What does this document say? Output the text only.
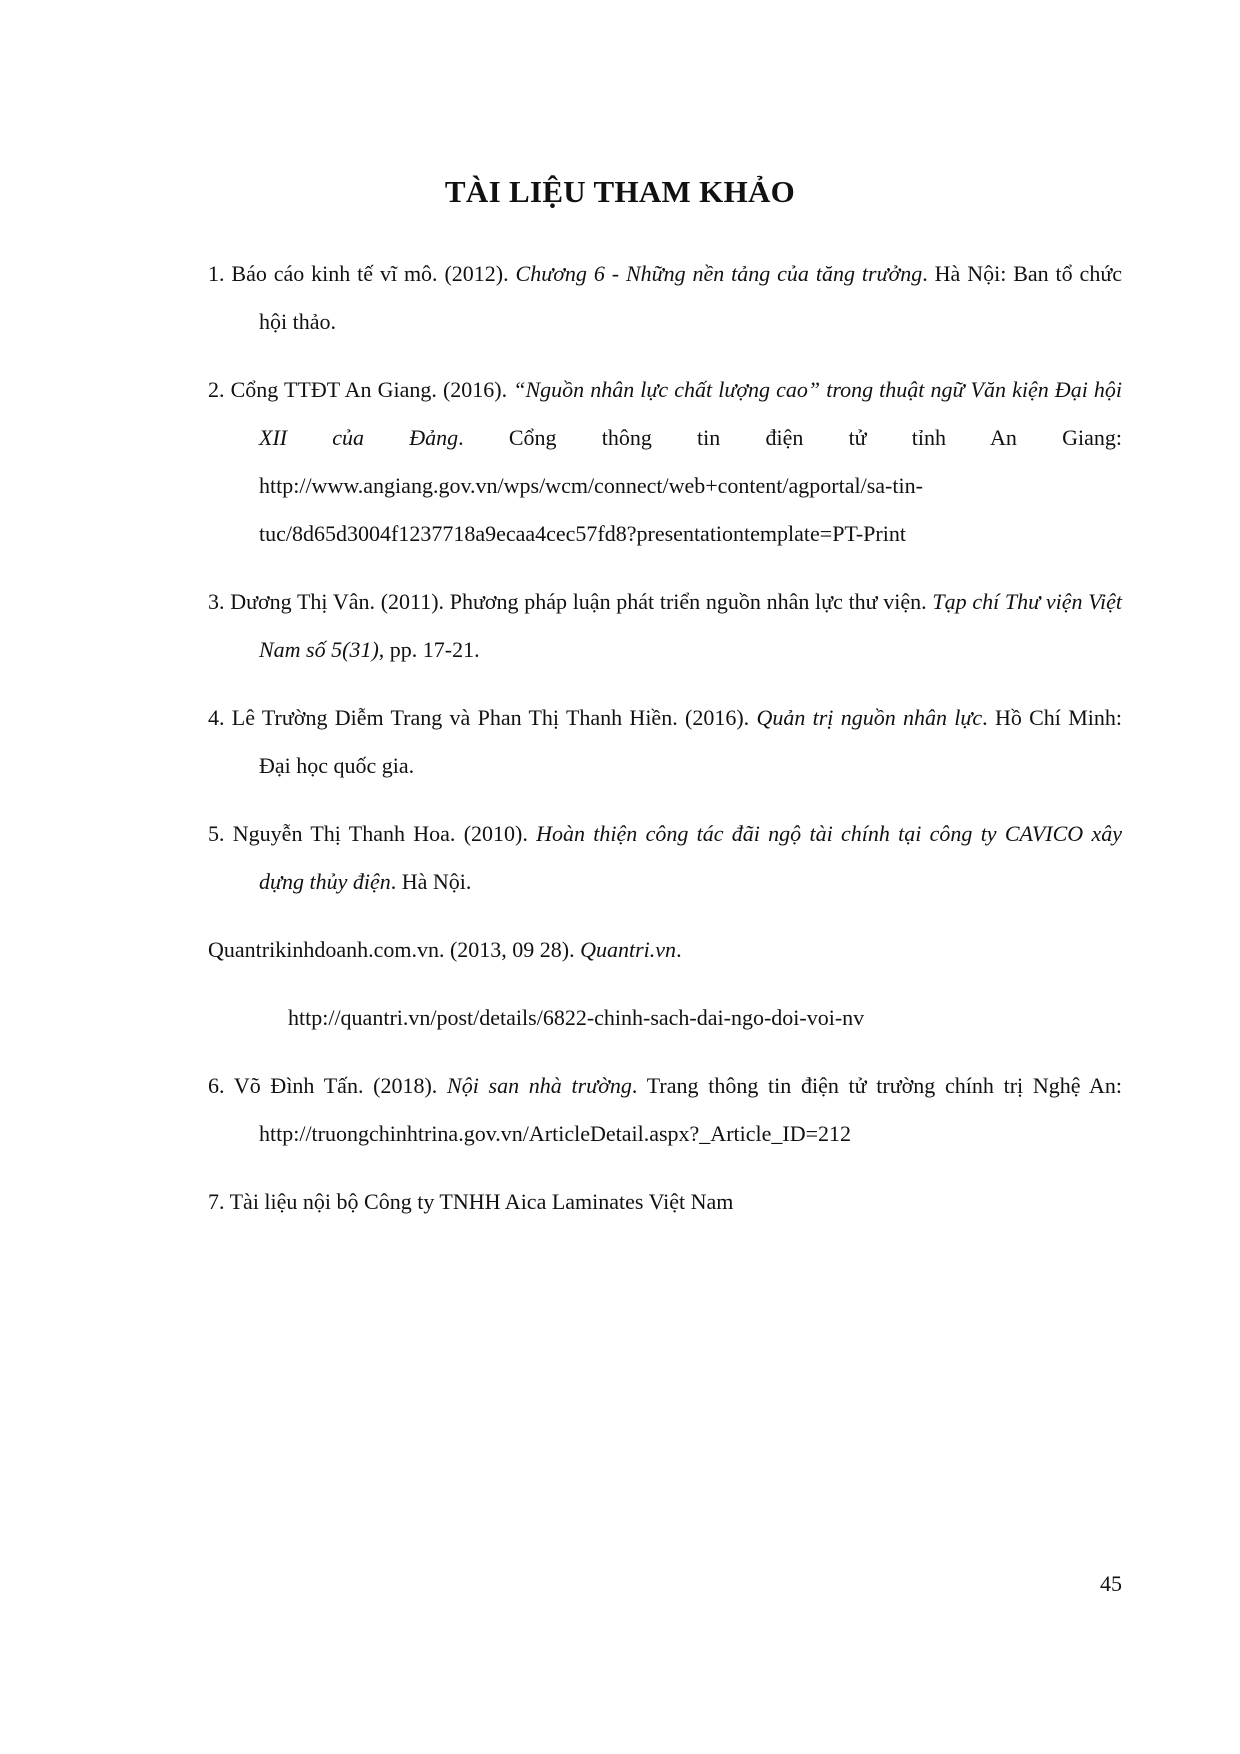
TÀI LIỆU THAM KHẢO

1. Báo cáo kinh tế vĩ mô. (2012). Chương 6 - Những nền tảng của tăng trưởng. Hà Nội: Ban tổ chức hội thảo.

2. Cổng TTĐT An Giang. (2016). “Nguồn nhân lực chất lượng cao” trong thuật ngữ Văn kiện Đại hội XII của Đảng. Cổng thông tin điện tử tỉnh An Giang: http://www.angiang.gov.vn/wps/wcm/connect/web+content/agportal/sa-tin-tuc/8d65d3004f1237718a9ecaa4cec57fd8?presentationtemplate=PT-Print

3. Dương Thị Vân. (2011). Phương pháp luận phát triển nguồn nhân lực thư viện. Tạp chí Thư viện Việt Nam số 5(31), pp. 17-21.

4. Lê Trường Diễm Trang và Phan Thị Thanh Hiền. (2016). Quản trị nguồn nhân lực. Hồ Chí Minh: Đại học quốc gia.

5. Nguyễn Thị Thanh Hoa. (2010). Hoàn thiện công tác đãi ngộ tài chính tại công ty CAVICO xây dựng thủy điện. Hà Nội.

Quantrikinhdoanh.com.vn. (2013, 09 28). Quantri.vn.

http://quantri.vn/post/details/6822-chinh-sach-dai-ngo-doi-voi-nv

6. Võ Đình Tấn. (2018). Nội san nhà trường. Trang thông tin điện tử trường chính trị Nghệ An: http://truongchinhtrina.gov.vn/ArticleDetail.aspx?_Article_ID=212

7. Tài liệu nội bộ Công ty TNHH Aica Laminates Việt Nam

45
